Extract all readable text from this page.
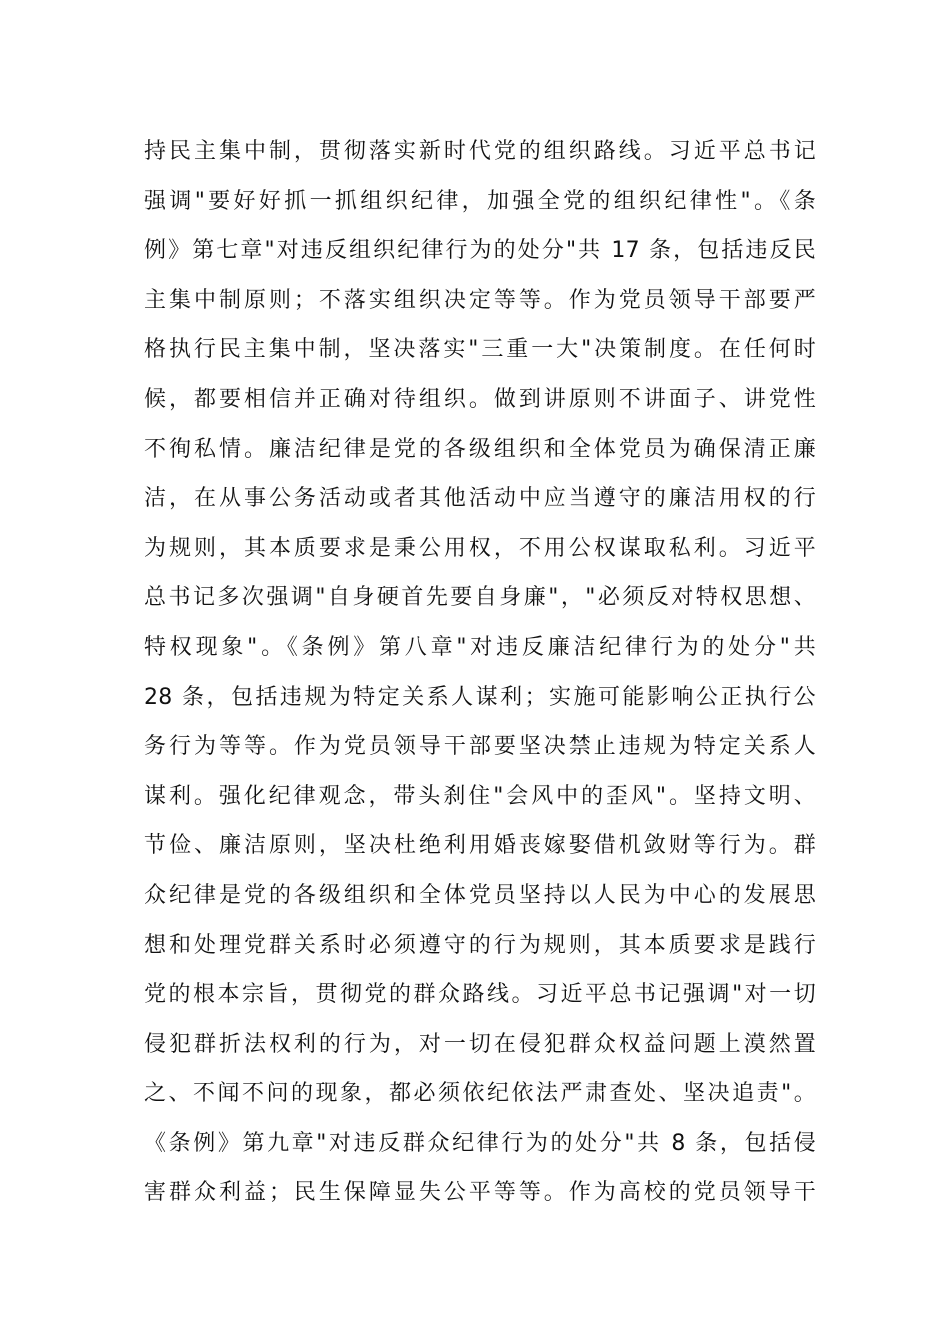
持民主集中制，贯彻落实新时代党的组织路线。习近平总书记
强调"要好好抓一抓组织纪律，加强全党的组织纪律性"。《条
例》第七章"对违反组织纪律行为的处分"共 17 条，包括违反民
主集中制原则；不落实组织决定等等。作为党员领导干部要严
格执行民主集中制，坚决落实"三重一大"决策制度。在任何时
候，都要相信并正确对待组织。做到讲原则不讲面子、讲党性
不徇私情。廉洁纪律是党的各级组织和全体党员为确保清正廉
洁，在从事公务活动或者其他活动中应当遵守的廉洁用权的行
为规则，其本质要求是秉公用权，不用公权谋取私利。习近平
总书记多次强调"自身硬首先要自身廉"，"必须反对特权思想、
特权现象"。《条例》第八章"对违反廉洁纪律行为的处分"共
28 条，包括违规为特定关系人谋利；实施可能影响公正执行公
务行为等等。作为党员领导干部要坚决禁止违规为特定关系人
谋利。强化纪律观念，带头刹住"会风中的歪风"。坚持文明、
节俭、廉洁原则，坚决杜绝利用婚丧嫁娶借机敛财等行为。群
众纪律是党的各级组织和全体党员坚持以人民为中心的发展思
想和处理党群关系时必须遵守的行为规则，其本质要求是践行
党的根本宗旨，贯彻党的群众路线。习近平总书记强调"对一切
侵犯群折法权利的行为，对一切在侵犯群众权益问题上漠然置
之、不闻不问的现象，都必须依纪依法严肃查处、坚决追责"。
《条例》第九章"对违反群众纪律行为的处分"共 8 条，包括侵
害群众利益；民生保障显失公平等等。作为高校的党员领导干
